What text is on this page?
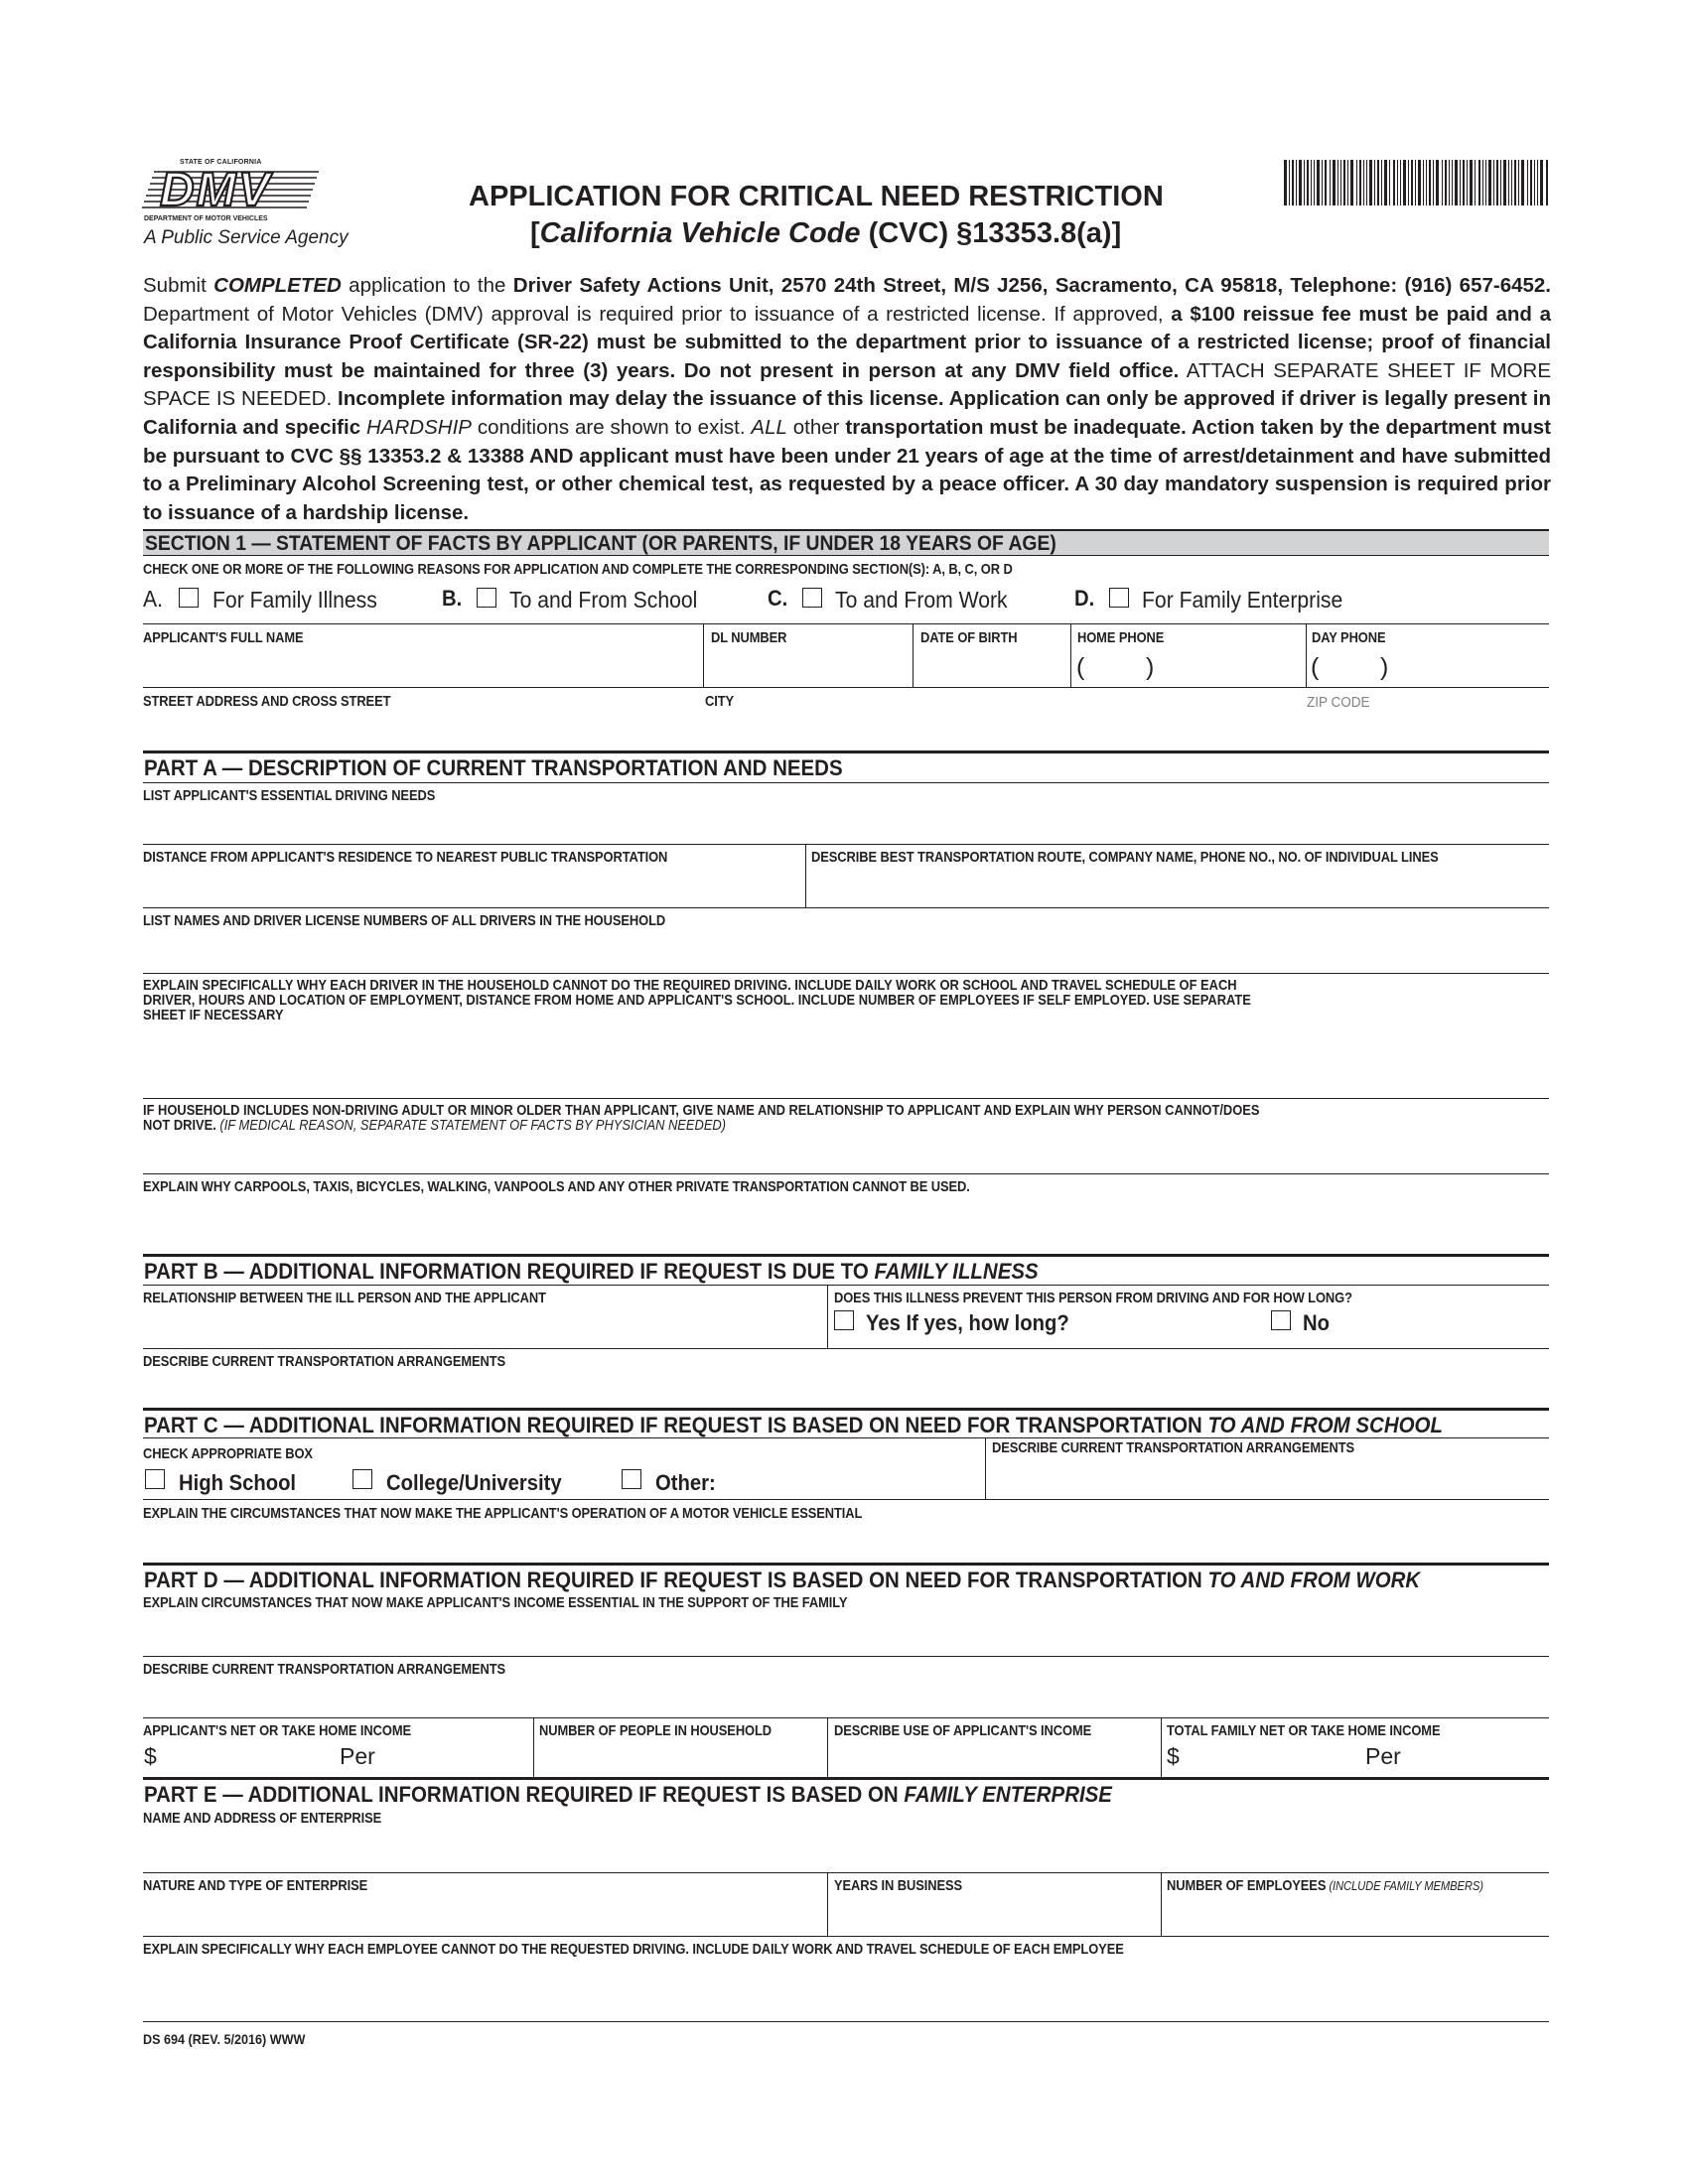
STATE OF CALIFORNIA
DMV
DEPARTMENT OF MOTOR VEHICLES
A Public Service Agency
APPLICATION FOR CRITICAL NEED RESTRICTION
[California Vehicle Code (CVC) §13353.8(a)]

Submit COMPLETED application to the Driver Safety Actions Unit, 2570 24th Street, M/S J256, Sacramento, CA 95818, Telephone: (916) 657-6452. Department of Motor Vehicles (DMV) approval is required prior to issuance of a restricted license. If approved, a $100 reissue fee must be paid and a California Insurance Proof Certificate (SR-22) must be submitted to the department prior to issuance of a restricted license; proof of financial responsibility must be maintained for three (3) years. Do not present in person at any DMV field office. ATTACH SEPARATE SHEET IF MORE SPACE IS NEEDED. Incomplete information may delay the issuance of this license. Application can only be approved if driver is legally present in California and specific HARDSHIP conditions are shown to exist. ALL other transportation must be inadequate. Action taken by the department must be pursuant to CVC §§ 13353.2 & 13388 AND applicant must have been under 21 years of age at the time of arrest/detainment and have submitted to a Preliminary Alcohol Screening test, or other chemical test, as requested by a peace officer. A 30 day mandatory suspension is required prior to issuance of a hardship license.

SECTION 1 — STATEMENT OF FACTS BY APPLICANT (OR PARENTS, IF UNDER 18 YEARS OF AGE)
CHECK ONE OR MORE OF THE FOLLOWING REASONS FOR APPLICATION AND COMPLETE THE CORRESPONDING SECTION(S): A, B, C, OR D
A. For Family Illness	B. To and From School	C. To and From Work	D. For Family Enterprise
APPLICANT'S FULL NAME	DL NUMBER	DATE OF BIRTH	HOME PHONE
( )
DAY PHONE
( )
STREET ADDRESS AND CROSS STREET	CITY	ZIP CODE
PART A — DESCRIPTION OF CURRENT TRANSPORTATION AND NEEDS
LIST APPLICANT'S ESSENTIAL DRIVING NEEDS
DISTANCE FROM APPLICANT'S RESIDENCE TO NEAREST PUBLIC TRANSPORTATION	DESCRIBE BEST TRANSPORTATION ROUTE, COMPANY NAME, PHONE NO., NO. OF INDIVIDUAL LINES
LIST NAMES AND DRIVER LICENSE NUMBERS OF ALL DRIVERS IN THE HOUSEHOLD
EXPLAIN SPECIFICALLY WHY EACH DRIVER IN THE HOUSEHOLD CANNOT DO THE REQUIRED DRIVING. INCLUDE DAILY WORK OR SCHOOL AND TRAVEL SCHEDULE OF EACH DRIVER, HOURS AND LOCATION OF EMPLOYMENT, DISTANCE FROM HOME AND APPLICANT'S SCHOOL. INCLUDE NUMBER OF EMPLOYEES IF SELF EMPLOYED. USE SEPARATE SHEET IF NECESSARY
IF HOUSEHOLD INCLUDES NON-DRIVING ADULT OR MINOR OLDER THAN APPLICANT, GIVE NAME AND RELATIONSHIP TO APPLICANT AND EXPLAIN WHY PERSON CANNOT/DOES NOT DRIVE. (IF MEDICAL REASON, SEPARATE STATEMENT OF FACTS BY PHYSICIAN NEEDED)
EXPLAIN WHY CARPOOLS, TAXIS, BICYCLES, WALKING, VANPOOLS AND ANY OTHER PRIVATE TRANSPORTATION CANNOT BE USED.
PART B — ADDITIONAL INFORMATION REQUIRED IF REQUEST IS DUE TO FAMILY ILLNESS
RELATIONSHIP BETWEEN THE ILL PERSON AND THE APPLICANT	DOES THIS ILLNESS PREVENT THIS PERSON FROM DRIVING AND FOR HOW LONG?
Yes If yes, how long?	No
DESCRIBE CURRENT TRANSPORTATION ARRANGEMENTS
PART C — ADDITIONAL INFORMATION REQUIRED IF REQUEST IS BASED ON NEED FOR TRANSPORTATION TO AND FROM SCHOOL
CHECK APPROPRIATE BOX
High School	College/University	Other:
DESCRIBE CURRENT TRANSPORTATION ARRANGEMENTS
EXPLAIN THE CIRCUMSTANCES THAT NOW MAKE THE APPLICANT'S OPERATION OF A MOTOR VEHICLE ESSENTIAL
PART D — ADDITIONAL INFORMATION REQUIRED IF REQUEST IS BASED ON NEED FOR TRANSPORTATION TO AND FROM WORK
EXPLAIN CIRCUMSTANCES THAT NOW MAKE APPLICANT'S INCOME ESSENTIAL IN THE SUPPORT OF THE FAMILY
DESCRIBE CURRENT TRANSPORTATION ARRANGEMENTS
APPLICANT'S NET OR TAKE HOME INCOME
$	Per
NUMBER OF PEOPLE IN HOUSEHOLD	DESCRIBE USE OF APPLICANT'S INCOME	TOTAL FAMILY NET OR TAKE HOME INCOME
$	Per
PART E — ADDITIONAL INFORMATION REQUIRED IF REQUEST IS BASED ON FAMILY ENTERPRISE
NAME AND ADDRESS OF ENTERPRISE
NATURE AND TYPE OF ENTERPRISE	YEARS IN BUSINESS	NUMBER OF EMPLOYEES (INCLUDE FAMILY MEMBERS)
EXPLAIN SPECIFICALLY WHY EACH EMPLOYEE CANNOT DO THE REQUESTED DRIVING. INCLUDE DAILY WORK AND TRAVEL SCHEDULE OF EACH EMPLOYEE
DS 694 (REV. 5/2016) WWW
